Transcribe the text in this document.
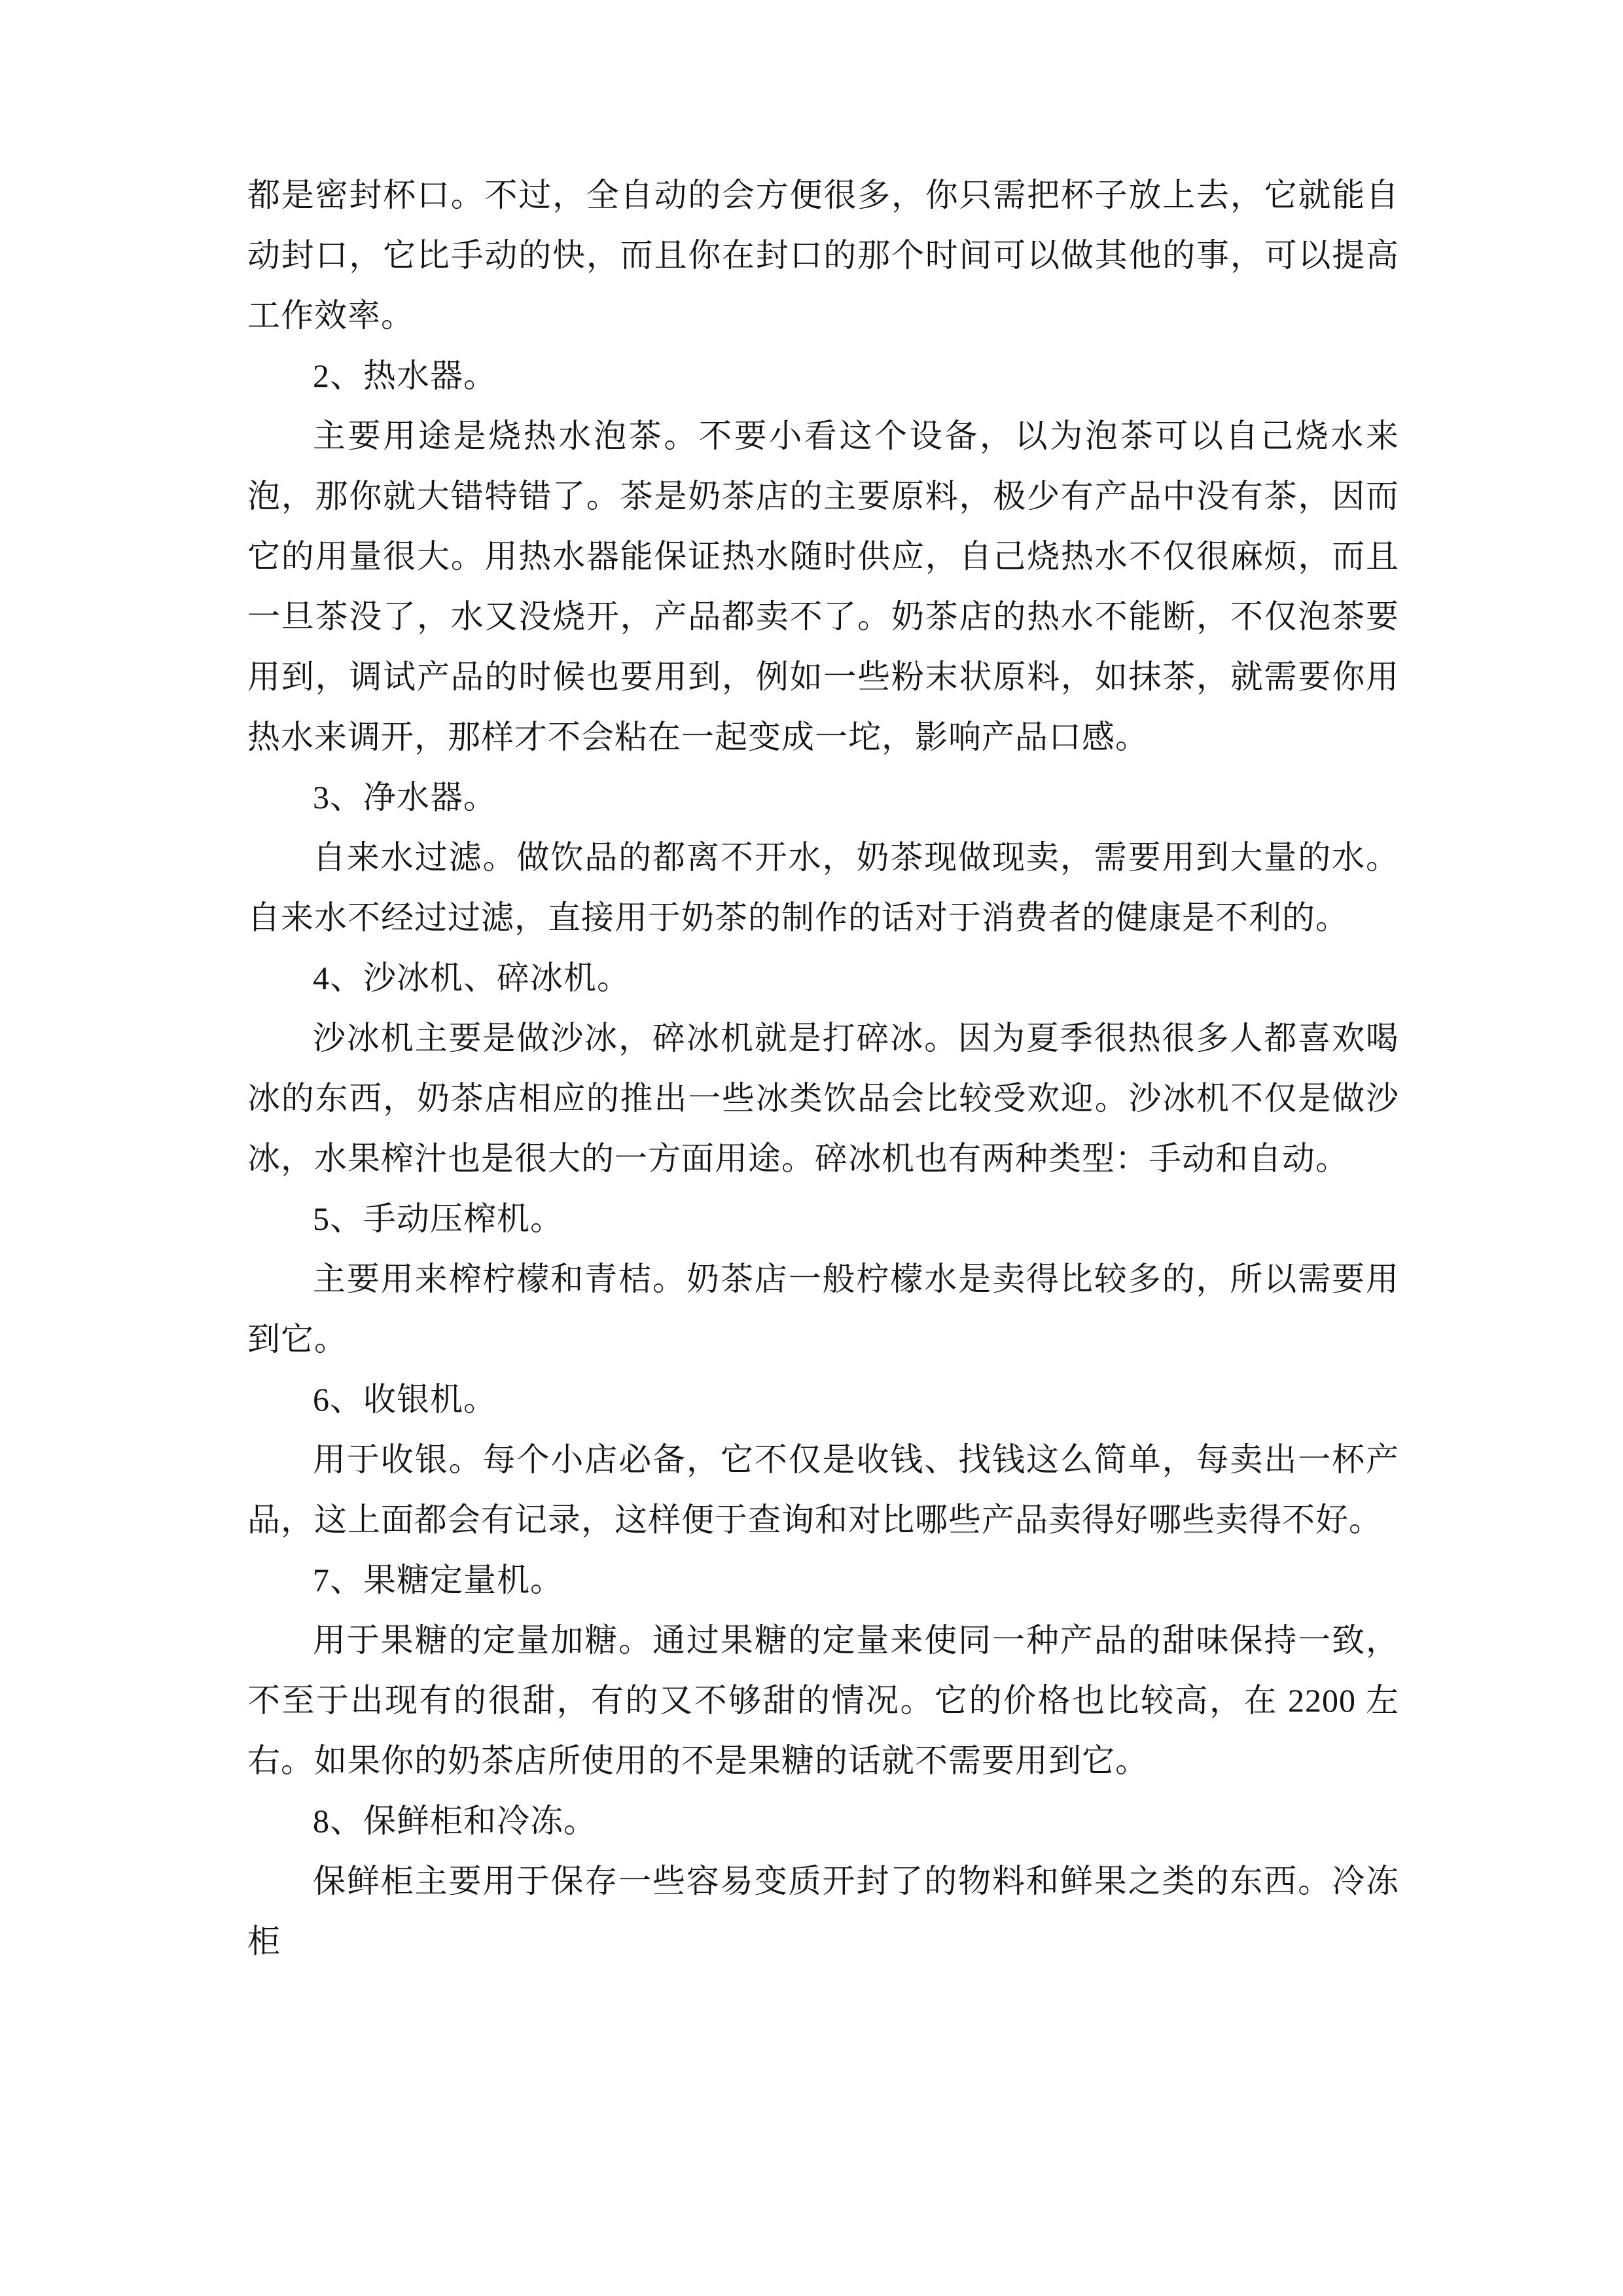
都是密封杯口。不过，全自动的会方便很多，你只需把杯子放上去，它就能自动封口，它比手动的快，而且你在封口的那个时间可以做其他的事，可以提高工作效率。

2、热水器。

主要用途是烧热水泡茶。不要小看这个设备，以为泡茶可以自己烧水来泡，那你就大错特错了。茶是奶茶店的主要原料，极少有产品中没有茶，因而它的用量很大。用热水器能保证热水随时供应，自己烧热水不仅很麻烦，而且一旦茶没了，水又没烧开，产品都卖不了。奶茶店的热水不能断，不仅泡茶要用到，调试产品的时候也要用到，例如一些粉末状原料，如抹茶，就需要你用热水来调开，那样才不会粘在一起变成一坨，影响产品口感。

3、净水器。

自来水过滤。做饮品的都离不开水，奶茶现做现卖，需要用到大量的水。自来水不经过过滤，直接用于奶茶的制作的话对于消费者的健康是不利的。

4、沙冰机、碎冰机。

沙冰机主要是做沙冰，碎冰机就是打碎冰。因为夏季很热很多人都喜欢喝冰的东西，奶茶店相应的推出一些冰类饮品会比较受欢迎。沙冰机不仅是做沙冰，水果榨汁也是很大的一方面用途。碎冰机也有两种类型：手动和自动。

5、手动压榨机。

主要用来榨柠檬和青桔。奶茶店一般柠檬水是卖得比较多的，所以需要用到它。

6、收银机。

用于收银。每个小店必备，它不仅是收钱、找钱这么简单，每卖出一杯产品，这上面都会有记录，这样便于查询和对比哪些产品卖得好哪些卖得不好。

7、果糖定量机。

用于果糖的定量加糖。通过果糖的定量来使同一种产品的甜味保持一致，不至于出现有的很甜，有的又不够甜的情况。它的价格也比较高，在 2200 左右。如果你的奶茶店所使用的不是果糖的话就不需要用到它。

8、保鲜柜和冷冻。

保鲜柜主要用于保存一些容易变质开封了的物料和鲜果之类的东西。冷冻柜
